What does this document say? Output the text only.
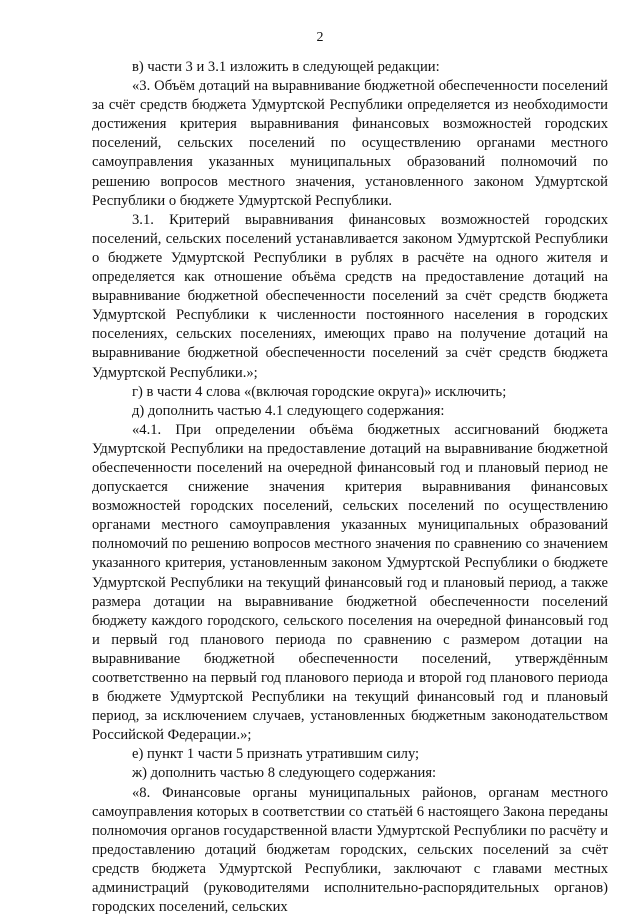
2

в) части 3 и 3.1 изложить в следующей редакции:

«3. Объём дотаций на выравнивание бюджетной обеспеченности поселений за счёт средств бюджета Удмуртской Республики определяется из необходимости достижения критерия выравнивания финансовых возможностей городских поселений, сельских поселений по осуществлению органами местного самоуправления указанных муниципальных образований полномочий по решению вопросов местного значения, установленного законом Удмуртской Республики о бюджете Удмуртской Республики.

3.1. Критерий выравнивания финансовых возможностей городских поселений, сельских поселений устанавливается законом Удмуртской Республики о бюджете Удмуртской Республики в рублях в расчёте на одного жителя и определяется как отношение объёма средств на предоставление дотаций на выравнивание бюджетной обеспеченности поселений за счёт средств бюджета Удмуртской Республики к численности постоянного населения в городских поселениях, сельских поселениях, имеющих право на получение дотаций на выравнивание бюджетной обеспеченности поселений за счёт средств бюджета Удмуртской Республики.»;

г) в части 4 слова «(включая городские округа)» исключить;

д) дополнить частью 4.1 следующего содержания:

«4.1. При определении объёма бюджетных ассигнований бюджета Удмуртской Республики на предоставление дотаций на выравнивание бюджетной обеспеченности поселений на очередной финансовый год и плановый период не допускается снижение значения критерия выравнивания финансовых возможностей городских поселений, сельских поселений по осуществлению органами местного самоуправления указанных муниципальных образований полномочий по решению вопросов местного значения по сравнению со значением указанного критерия, установленным законом Удмуртской Республики о бюджете Удмуртской Республики на текущий финансовый год и плановый период, а также размера дотации на выравнивание бюджетной обеспеченности поселений бюджету каждого городского, сельского поселения на очередной финансовый год и первый год планового периода по сравнению с размером дотации на выравнивание бюджетной обеспеченности поселений, утверждённым соответственно на первый год планового периода и второй год планового периода в бюджете Удмуртской Республики на текущий финансовый год и плановый период, за исключением случаев, установленных бюджетным законодательством Российской Федерации.»;

е) пункт 1 части 5 признать утратившим силу;

ж) дополнить частью 8 следующего содержания:

«8. Финансовые органы муниципальных районов, органам местного самоуправления которых в соответствии со статьёй 6 настоящего Закона переданы полномочия органов государственной власти Удмуртской Республики по расчёту и предоставлению дотаций бюджетам городских, сельских поселений за счёт средств бюджета Удмуртской Республики, заключают с главами местных администраций (руководителями исполнительно-распорядительных органов) городских поселений, сельских
